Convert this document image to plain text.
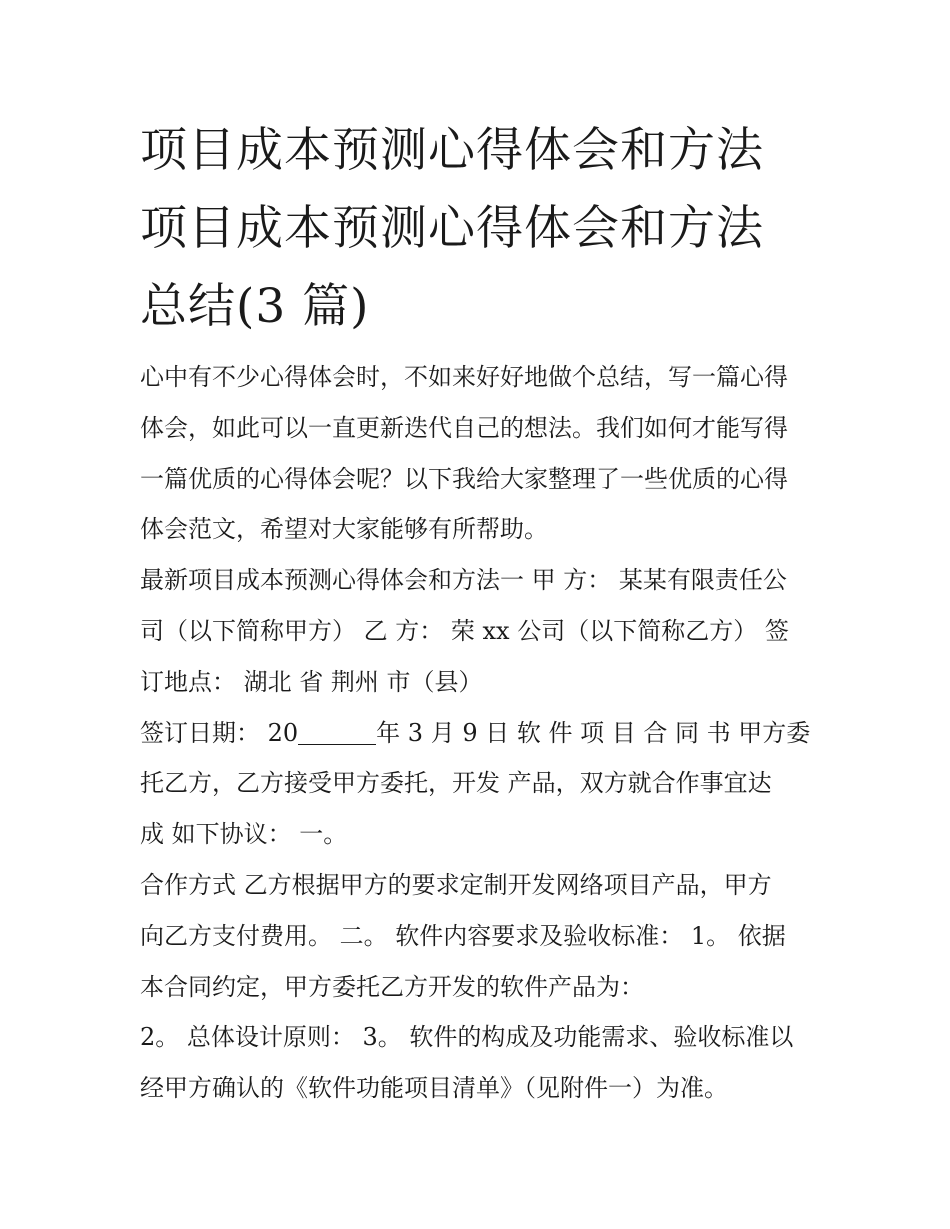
项目成本预测心得体会和方法
项目成本预测心得体会和方法
总结(3 篇)
心中有不少心得体会时，不如来好好地做个总结，写一篇心得
体会，如此可以一直更新迭代自己的想法。我们如何才能写得
一篇优质的心得体会呢？以下我给大家整理了一些优质的心得
体会范文，希望对大家能够有所帮助。
最新项目成本预测心得体会和方法一 甲 方： 某某有限责任公
司（以下简称甲方） 乙 方： 荣 xx 公司（以下简称乙方） 签
订地点： 湖北 省 荆州 市（县）
签订日期： 20	年 3 月 9 日 软 件 项 目 合 同 书 甲方委
托乙方，乙方接受甲方委托，开发 产品，双方就合作事宜达
成 如下协议： 一。
合作方式 乙方根据甲方的要求定制开发网络项目产品，甲方
向乙方支付费用。 二。 软件内容要求及验收标准： 1。 依据
本合同约定，甲方委托乙方开发的软件产品为：
2。 总体设计原则： 3。 软件的构成及功能需求、验收标准以
经甲方确认的《软件功能项目清单》（见附件一）为准。
